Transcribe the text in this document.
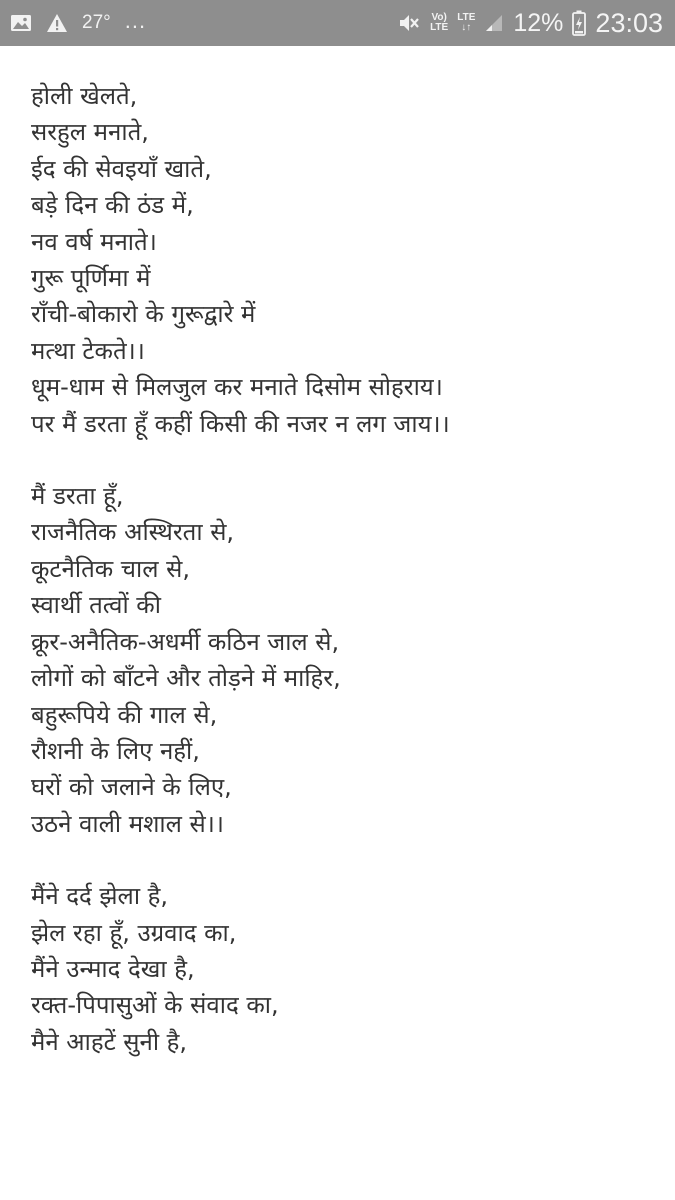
27° ...	Vo)
LTE
LTE
↓↑ 12% 23:03
होली खेलते,
सरहुल मनाते,
ईद की सेवइयाँ खाते,
बड़े दिन की ठंड में,
नव वर्ष मनाते।
गुरू पूर्णिमा में
राँची-बोकारो के गुरूद्वारे में
मत्था टेकते।।
धूम-धाम से मिलजुल कर मनाते दिसोम सोहराय।
पर मैं डरता हूँ कहीं किसी की नजर न लग जाय।।
मैं डरता हूँ,
राजनैतिक अस्थिरता से,
कूटनैतिक चाल से,
स्वार्थी तत्वों की
क्रूर-अनैतिक-अधर्मी कठिन जाल से,
लोगों को बाँटने और तोड़ने में माहिर,
बहुरूपिये की गाल से,
रौशनी के लिए नहीं,
घरों को जलाने के लिए,
उठने वाली मशाल से।।
मैंने दर्द झेला है,
झेल रहा हूँ, उग्रवाद का,
मैंने उन्माद देखा है,
रक्त-पिपासुओं के संवाद का,
मैने आहटें सुनी है,
